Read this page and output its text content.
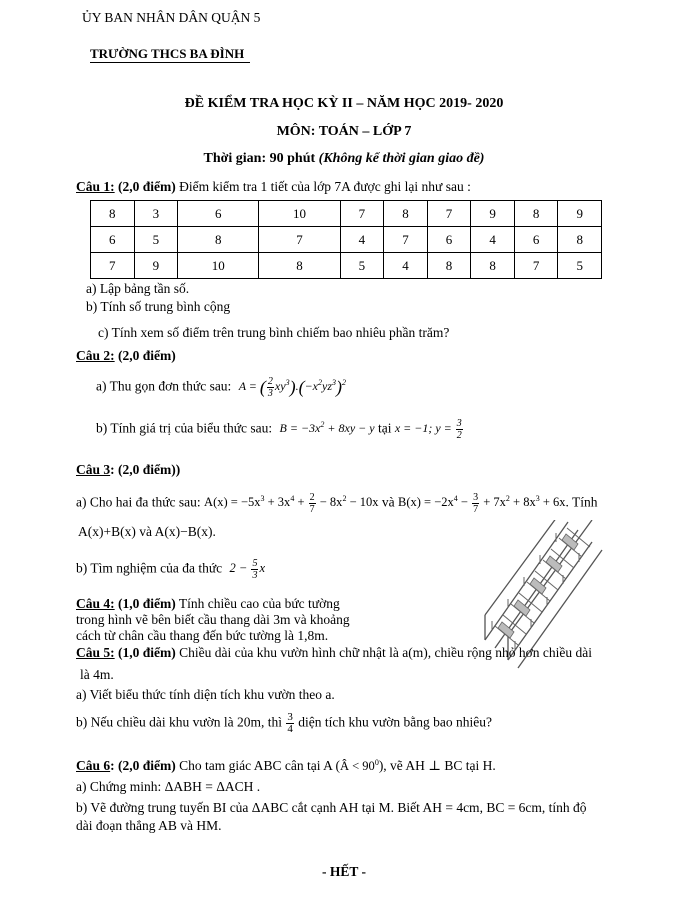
ỦY BAN NHÂN DÂN QUẬN 5
TRƯỜNG THCS BA ĐÌNH
ĐỀ KIỂM TRA HỌC KỲ II – NĂM HỌC 2019- 2020
MÔN: TOÁN – LỚP 7
Thời gian: 90 phút (Không kể thời gian giao đề)
Câu 1: (2,0 điểm) Điểm kiểm tra 1 tiết của lớp 7A được ghi lại như sau :
8	3	6	10	7	8	7	9	8	9
6	5	8	7	4	7	6	4	6	8
7	9	10	8	5	4	8	8	7	5
a) Lập bảng tần số.
b) Tính số trung bình cộng
c) Tính xem số điểm trên trung bình chiếm bao nhiêu phần trăm?
Câu 2: (2,0 điểm)
a) Thu gọn đơn thức sau: A = ( $\frac{2}{3} xy^3).(-x^2yz^3)^2$
b) Tính giá trị của biểu thức sau: $B = -3x^2 + 8xy - y$ tại x = −1; $y = \frac{3}{2}$
Câu 3: (2,0 điểm))
a) Cho hai đa thức sau: $A(x) = -5x^3 + 3x^4 + \frac{2}{7} - 8x^2 - 10x$ và $B(x) = -2x^4 - \frac{3}{7} + 7x^2 + 8x^3 + 6x$. Tính
A(x)+B(x) và A(x)−B(x).
b) Tìm nghiệm của đa thức $2 - \frac{5}{3}$ x
Câu 4: (1,0 điểm) Tính chiều cao của bức tường
trong hình vẽ bên biết cầu thang dài 3m và khoảng
cách từ chân cầu thang đến bức tường là 1,8m.
Câu 5: (1,0 điểm) Chiều dài của khu vườn hình chữ nhật là a(m), chiều rộng nhỏ hơn chiều dài
là 4m.
a) Viết biểu thức tính diện tích khu vườn theo a.
b) Nếu chiều dài khu vườn là 20m, thì $\frac{3}{4}$ diện tích khu vườn bằng bao nhiêu?
Câu 6: (2,0 điểm) Cho tam giác ABC cân tại A (Â < $90^0$), vẽ AH ⊥ BC tại H.
a) Chứng minh: ΔABH = ΔACH .
b) Vẽ đường trung tuyến BI của ΔABC cắt cạnh AH tại M. Biết AH = 4cm, BC = 6cm, tính độ
dài đoạn thẳng AB và HM.
- HẾT -
